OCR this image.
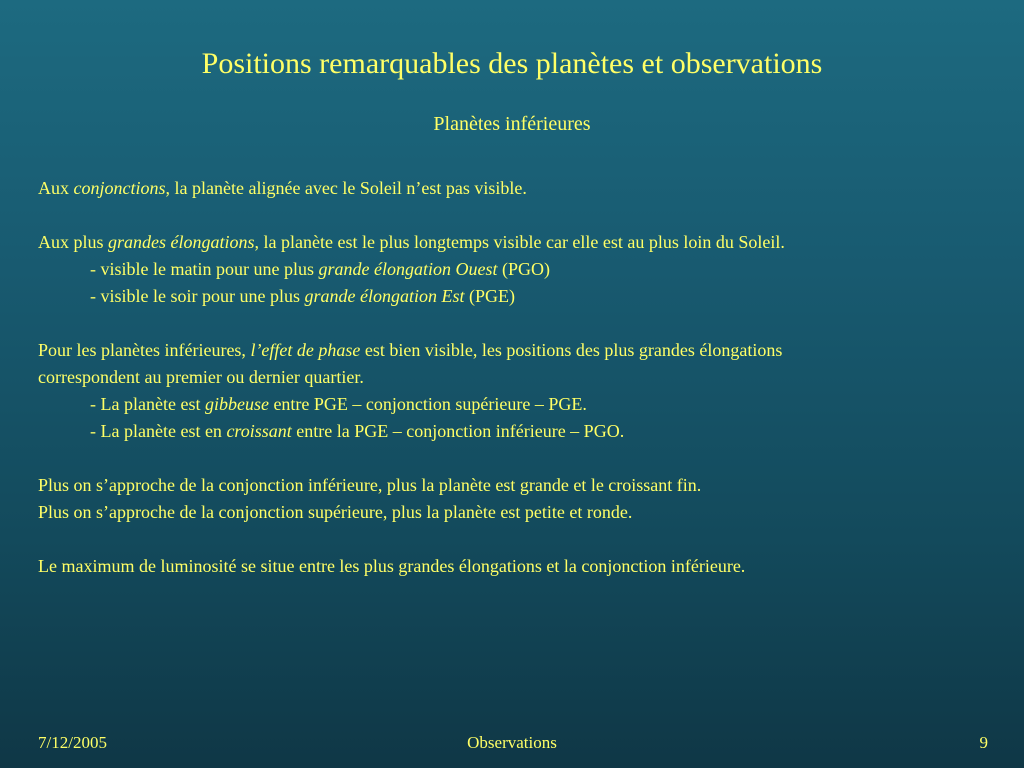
Positions remarquables des planètes et observations
Planètes inférieures
Aux conjonctions, la planète alignée avec le Soleil n’est pas visible.
Aux plus grandes élongations, la planète est le plus longtemps visible car elle est au plus loin du Soleil.
- visible le matin pour une plus grande élongation Ouest (PGO)
- visible le soir pour une plus grande élongation Est (PGE)
Pour les planètes inférieures, l’effet de phase est bien visible, les positions des plus grandes élongations
correspondent au premier ou dernier quartier.
- La planète est gibbeuse entre PGE – conjonction supérieure – PGE.
- La planète est en croissant entre la PGE – conjonction inférieure – PGO.
Plus on s’approche de la conjonction inférieure, plus la planète est grande et le croissant fin.
Plus on s’approche de la conjonction supérieure, plus la planète est petite et ronde.
Le maximum de luminosité se situe entre les plus grandes élongations et la conjonction inférieure.
7/12/2005	Observations	9
